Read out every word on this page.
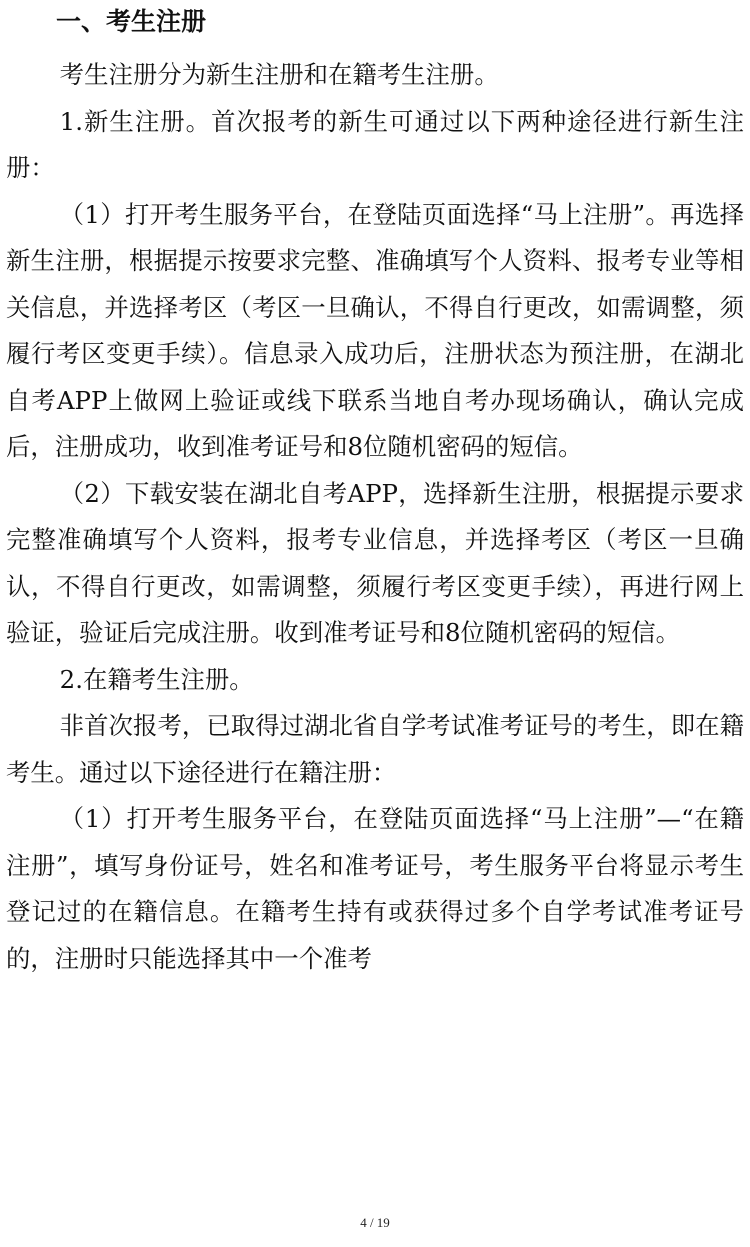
一、考生注册

考生注册分为新生注册和在籍考生注册。

1.新生注册。首次报考的新生可通过以下两种途径进行新生注册：

（1）打开考生服务平台，在登陆页面选择“马上注册”。再选择新生注册，根据提示按要求完整、准确填写个人资料、报考专业等相关信息，并选择考区（考区一旦确认，不得自行更改，如需调整，须履行考区变更手续）。信息录入成功后，注册状态为预注册，在湖北自考APP上做网上验证或线下联系当地自考办现场确认，确认完成后，注册成功，收到准考证号和8位随机密码的短信。

（2）下载安装在湖北自考APP，选择新生注册，根据提示要求完整准确填写个人资料，报考专业信息，并选择考区（考区一旦确认，不得自行更改，如需调整，须履行考区变更手续），再进行网上验证，验证后完成注册。收到准考证号和8位随机密码的短信。

2.在籍考生注册。

非首次报考，已取得过湖北省自学考试准考证号的考生，即在籍考生。通过以下途径进行在籍注册：

（1）打开考生服务平台，在登陆页面选择“马上注册”—“在籍注册”，填写身份证号，姓名和准考证号，考生服务平台将显示考生登记过的在籍信息。在籍考生持有或获得过多个自学考试准考证号的，注册时只能选择其中一个准考

4 / 19
